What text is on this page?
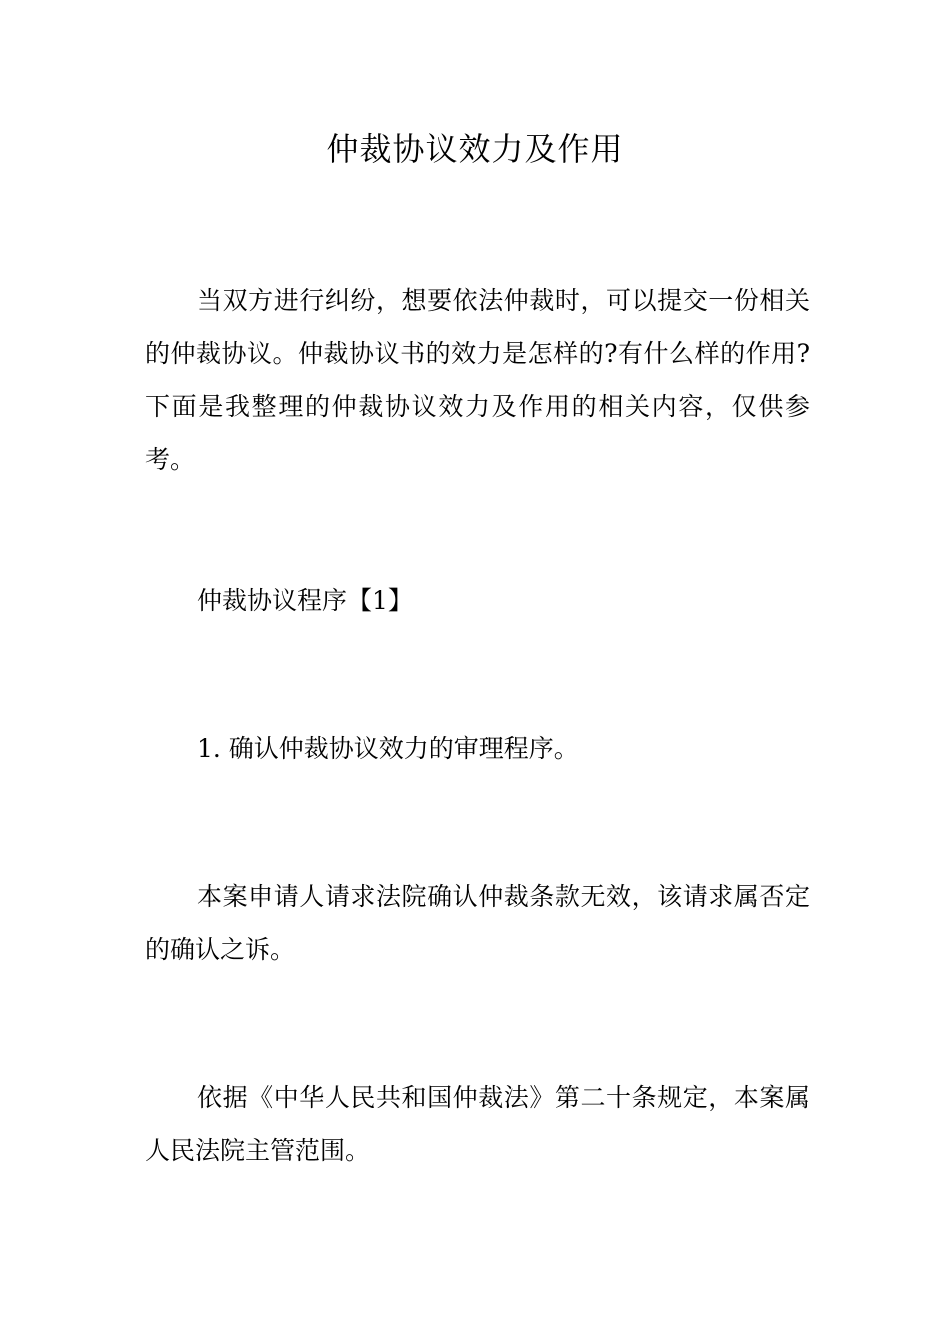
仲裁协议效力及作用

当双方进行纠纷，想要依法仲裁时，可以提交一份相关的仲裁协议。仲裁协议书的效力是怎样的?有什么样的作用?下面是我整理的仲裁协议效力及作用的相关内容，仅供参考。

仲裁协议程序【1】

1. 确认仲裁协议效力的审理程序。

本案申请人请求法院确认仲裁条款无效，该请求属否定的确认之诉。

依据《中华人民共和国仲裁法》第二十条规定，本案属人民法院主管范围。
